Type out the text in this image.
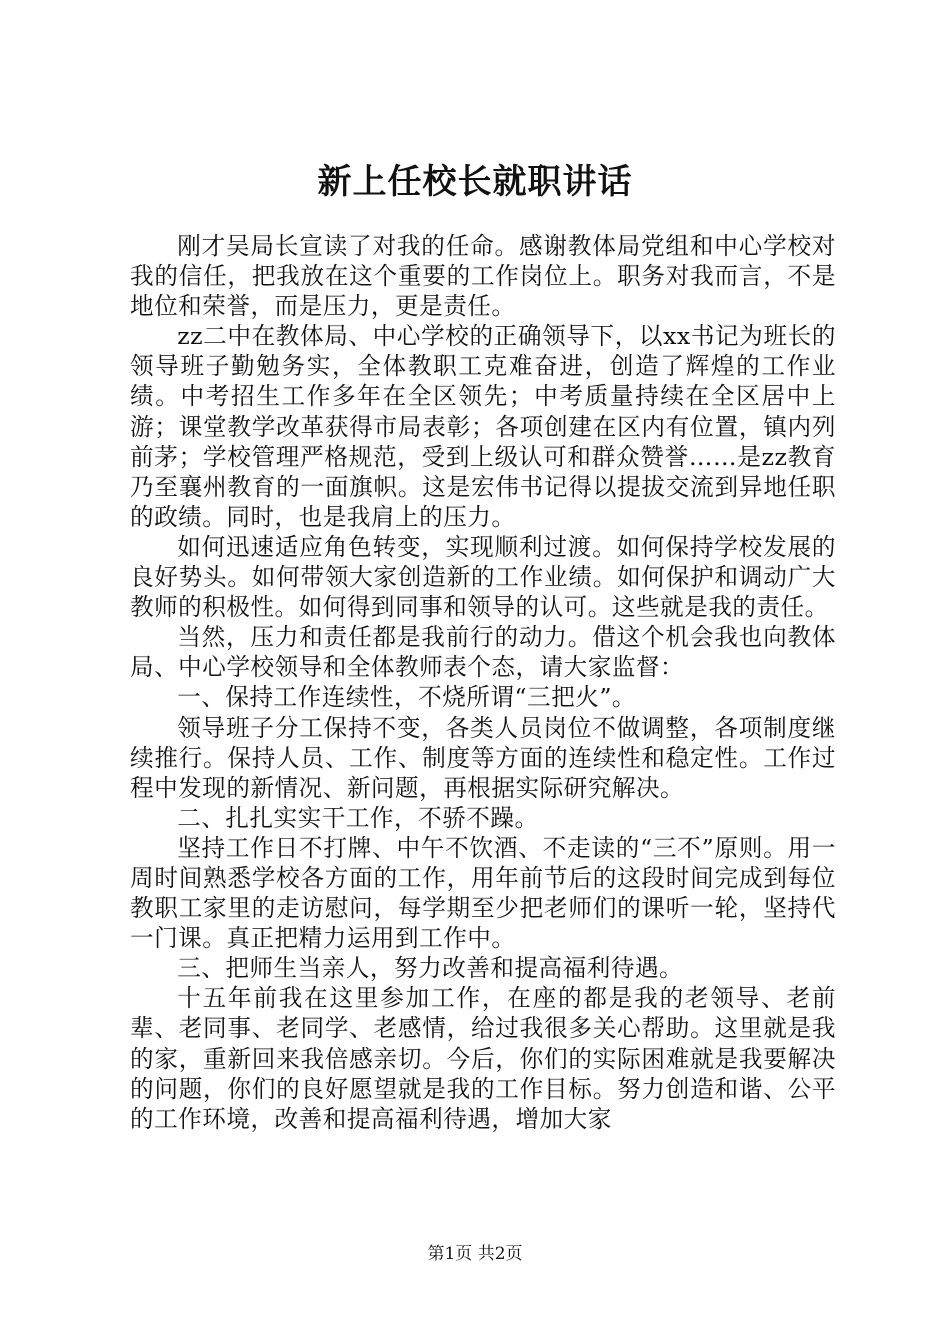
新上任校长就职讲话

刚才吴局长宣读了对我的任命。感谢教体局党组和中心学校对我的信任，把我放在这个重要的工作岗位上。职务对我而言，不是地位和荣誉，而是压力，更是责任。

zz二中在教体局、中心学校的正确领导下，以xx书记为班长的领导班子勤勉务实，全体教职工克难奋进，创造了辉煌的工作业绩。中考招生工作多年在全区领先；中考质量持续在全区居中上游；课堂教学改革获得市局表彰；各项创建在区内有位置，镇内列前茅；学校管理严格规范，受到上级认可和群众赞誉……是zz教育乃至襄州教育的一面旗帜。这是宏伟书记得以提拔交流到异地任职的政绩。同时，也是我肩上的压力。

如何迅速适应角色转变，实现顺利过渡。如何保持学校发展的良好势头。如何带领大家创造新的工作业绩。如何保护和调动广大教师的积极性。如何得到同事和领导的认可。这些就是我的责任。

当然，压力和责任都是我前行的动力。借这个机会我也向教体局、中心学校领导和全体教师表个态，请大家监督：

一、保持工作连续性，不烧所谓“三把火”。

领导班子分工保持不变，各类人员岗位不做调整，各项制度继续推行。保持人员、工作、制度等方面的连续性和稳定性。工作过程中发现的新情况、新问题，再根据实际研究解决。

二、扎扎实实干工作，不骄不躁。

坚持工作日不打牌、中午不饮酒、不走读的“三不”原则。用一周时间熟悉学校各方面的工作，用年前节后的这段时间完成到每位教职工家里的走访慰问，每学期至少把老师们的课听一轮，坚持代一门课。真正把精力运用到工作中。

三、把师生当亲人，努力改善和提高福利待遇。

十五年前我在这里参加工作，在座的都是我的老领导、老前辈、老同事、老同学、老感情，给过我很多关心帮助。这里就是我的家，重新回来我倍感亲切。今后，你们的实际困难就是我要解决的问题，你们的良好愿望就是我的工作目标。努力创造和谐、公平的工作环境，改善和提高福利待遇，增加大家

第1页 共2页
